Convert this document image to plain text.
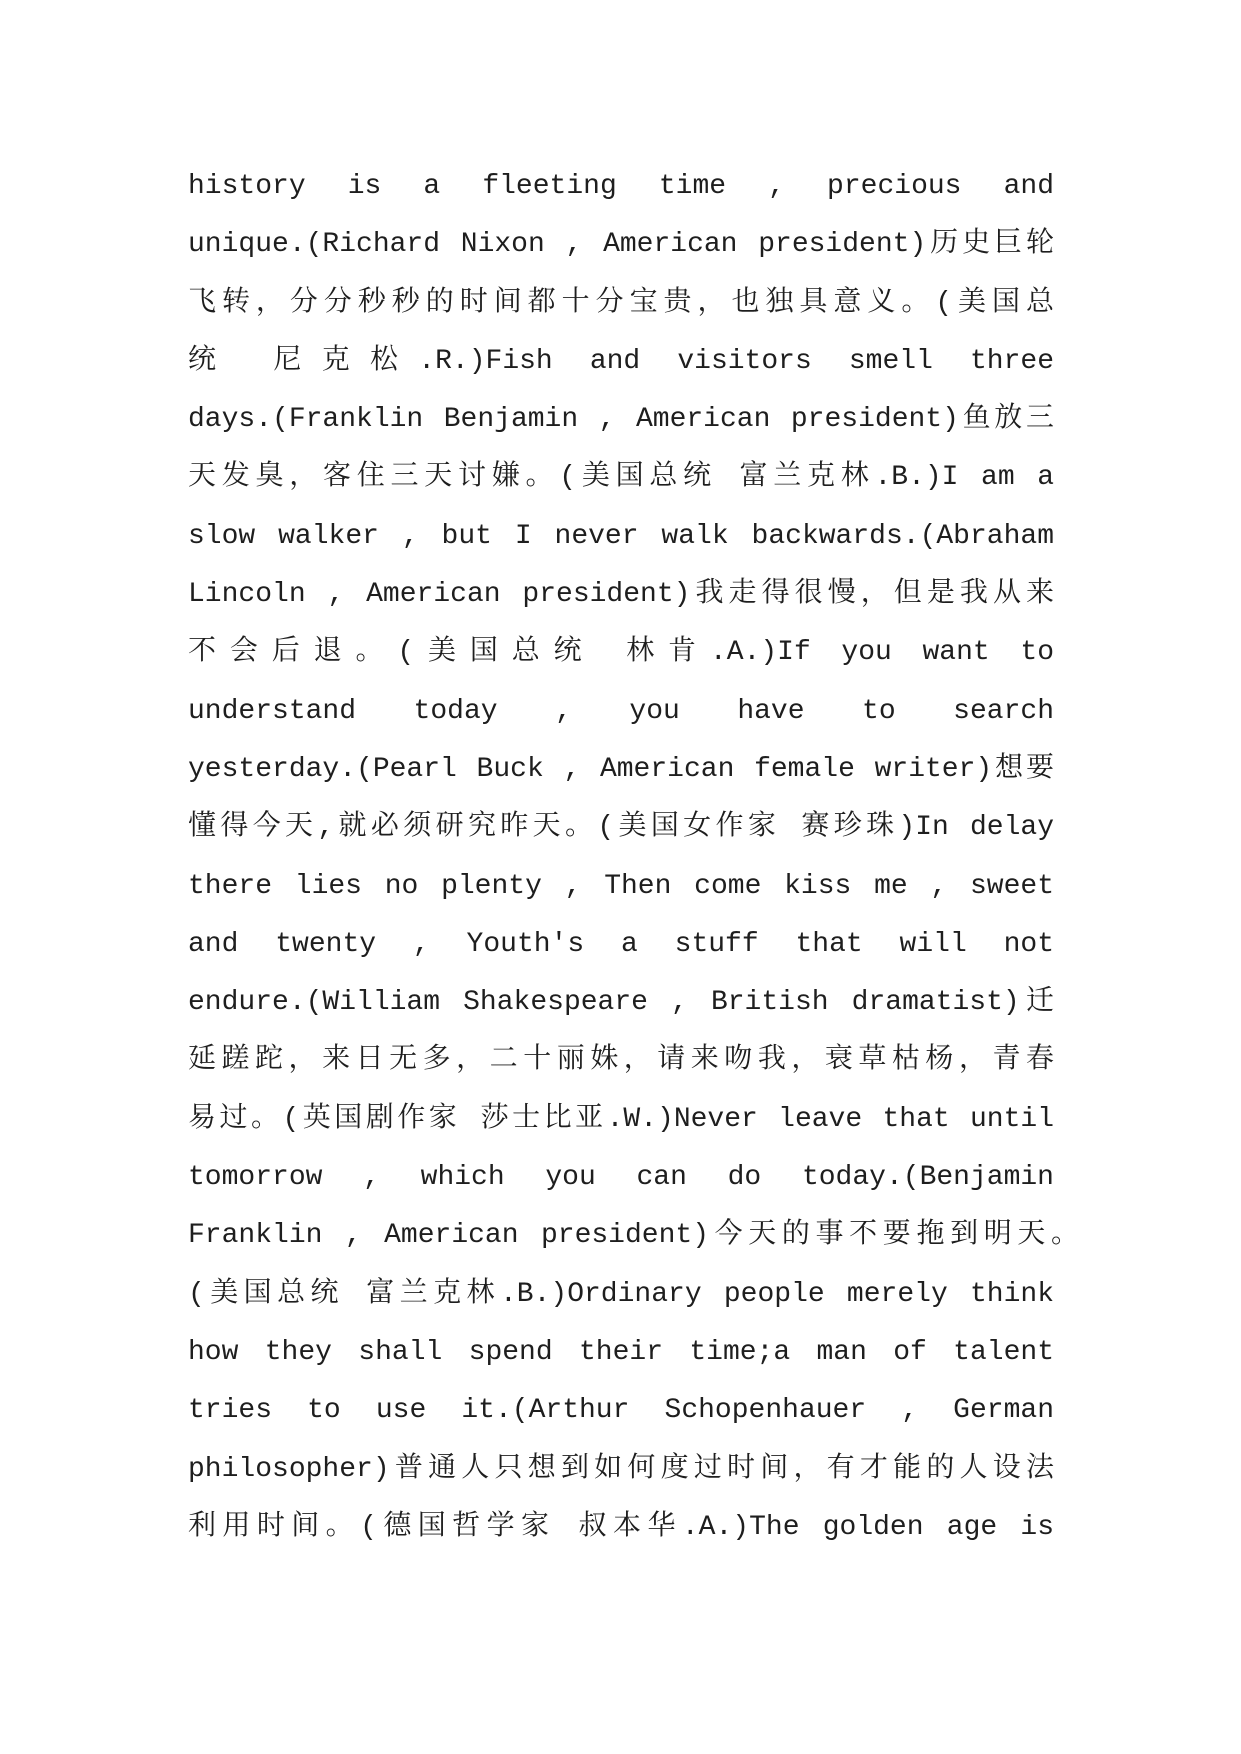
history is a fleeting time , precious and
unique.(Richard Nixon , American president)历史巨轮
飞转，分分秒秒的时间都十分宝贵，也独具意义。(美国总
统 尼克松.R.)Fish and visitors smell three
days.(Franklin Benjamin , American president)鱼放三
天发臭，客住三天讨嫌。(美国总统 富兰克林.B.)I am a
slow walker , but I never walk backwards.(Abraham
Lincoln , American president)我走得很慢，但是我从来
不会后退。(美国总统 林肯.A.)If you want to
understand today , you have to search
yesterday.(Pearl Buck , American female writer)想要
懂得今天,就必须研究昨天。(美国女作家 赛珍珠)In delay
there lies no plenty , Then come kiss me , sweet
and twenty , Youth's a stuff that will not
endure.(William Shakespeare , British dramatist)迁
延蹉跎，来日无多，二十丽姝，请来吻我，衰草枯杨，青春
易过。(英国剧作家 莎士比亚.W.)Never leave that until
tomorrow , which you can do today.(Benjamin
Franklin , American president)今天的事不要拖到明天。
(美国总统 富兰克林.B.)Ordinary people merely think
how they shall spend their time;a man of talent
tries to use it.(Arthur Schopenhauer , German
philosopher)普通人只想到如何度过时间，有才能的人设法
利用时间。(德国哲学家 叔本华.A.)The golden age is
